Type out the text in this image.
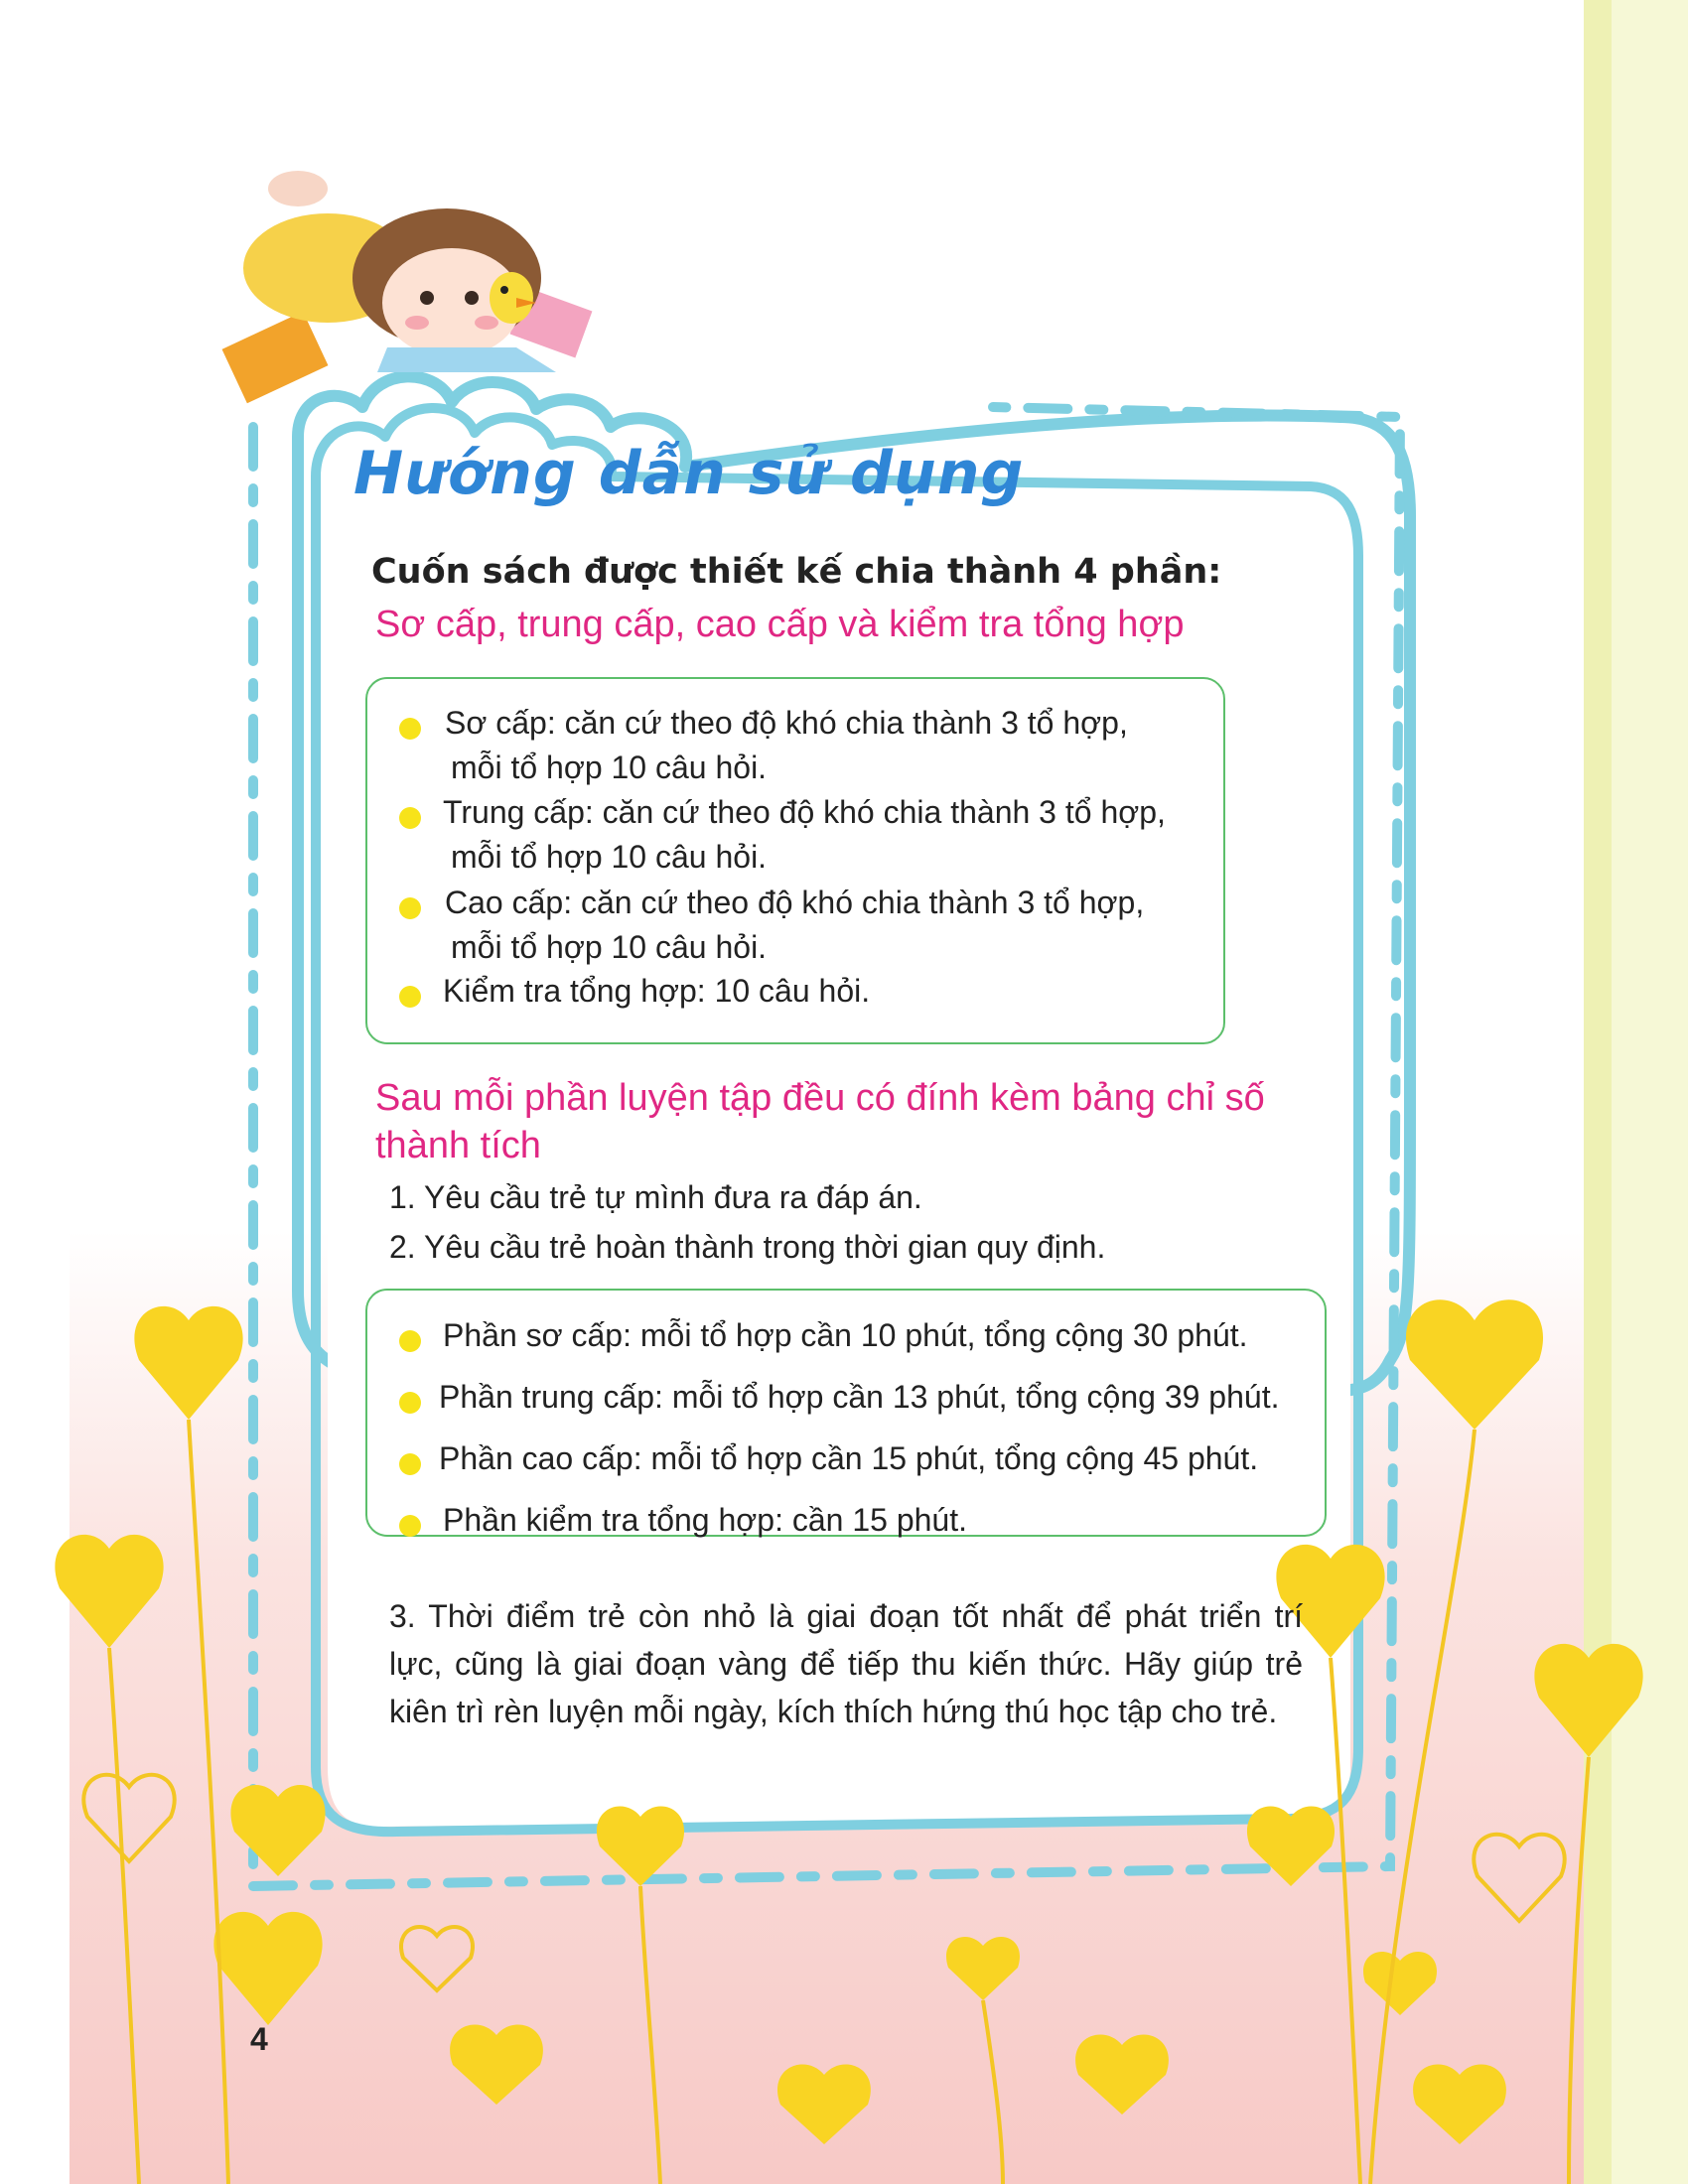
Hướng dẫn sử dụng
Cuốn sách được thiết kế chia thành 4 phần:
Sơ cấp, trung cấp, cao cấp và kiểm tra tổng hợp
Sơ cấp: căn cứ theo độ khó chia thành 3 tổ hợp,
mỗi tổ hợp 10 câu hỏi.
Trung cấp: căn cứ theo độ khó chia thành 3 tổ hợp,
mỗi tổ hợp 10 câu hỏi.
Cao cấp: căn cứ theo độ khó chia thành 3 tổ hợp,
mỗi tổ hợp 10 câu hỏi.
Kiểm tra tổng hợp: 10 câu hỏi.
Sau mỗi phần luyện tập đều có đính kèm bảng chỉ số thành tích
1. Yêu cầu trẻ tự mình đưa ra đáp án.
2. Yêu cầu trẻ hoàn thành trong thời gian quy định.
Phần sơ cấp: mỗi tổ hợp cần 10 phút, tổng cộng 30 phút.
Phần trung cấp: mỗi tổ hợp cần 13 phút, tổng cộng 39 phút.
Phần cao cấp: mỗi tổ hợp cần 15 phút, tổng cộng 45 phút.
Phần kiểm tra tổng hợp: cần 15 phút.
3. Thời điểm trẻ còn nhỏ là giai đoạn tốt nhất để phát triển trí lực, cũng là giai đoạn vàng để tiếp thu kiến thức. Hãy giúp trẻ kiên trì rèn luyện mỗi ngày, kích thích hứng thú học tập cho trẻ.
4
